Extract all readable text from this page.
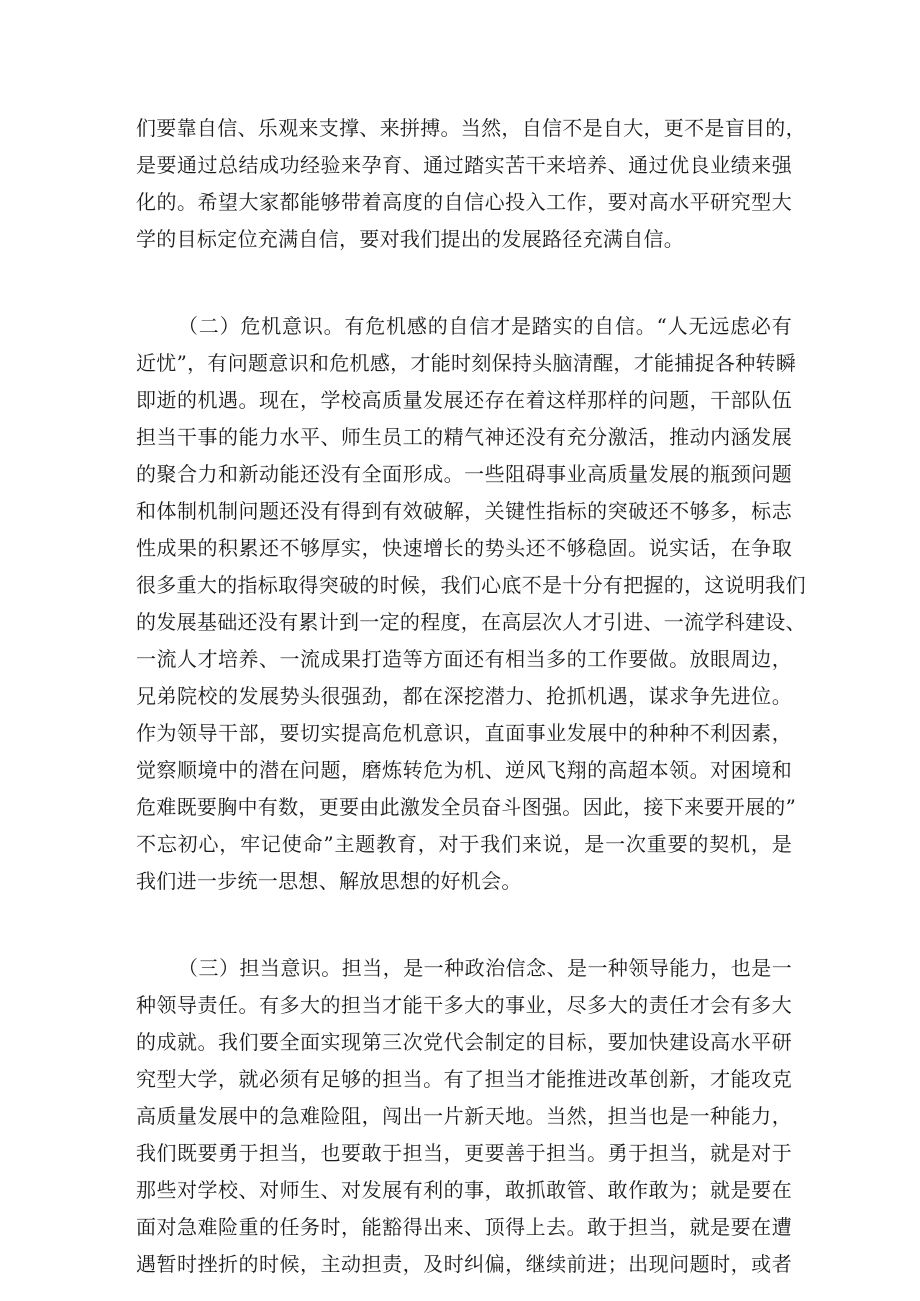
们要靠自信、乐观来支撑、来拼搏。当然，自信不是自大，更不是盲目的，
是要通过总结成功经验来孕育、通过踏实苦干来培养、通过优良业绩来强
化的。希望大家都能够带着高度的自信心投入工作，要对高水平研究型大
学的目标定位充满自信，要对我们提出的发展路径充满自信。
（二）危机意识。有危机感的自信才是踏实的自信。“人无远虑必有
近忧”，有问题意识和危机感，才能时刻保持头脑清醒，才能捕捉各种转瞬
即逝的机遇。现在，学校高质量发展还存在着这样那样的问题，干部队伍
担当干事的能力水平、师生员工的精气神还没有充分激活，推动内涵发展
的聚合力和新动能还没有全面形成。一些阻碍事业高质量发展的瓶颈问题
和体制机制问题还没有得到有效破解，关键性指标的突破还不够多，标志
性成果的积累还不够厚实，快速增长的势头还不够稳固。说实话，在争取
很多重大的指标取得突破的时候，我们心底不是十分有把握的，这说明我们
的发展基础还没有累计到一定的程度，在高层次人才引进、一流学科建设、
一流人才培养、一流成果打造等方面还有相当多的工作要做。放眼周边，
兄弟院校的发展势头很强劲，都在深挖潜力、抢抓机遇，谋求争先进位。
作为领导干部，要切实提高危机意识，直面事业发展中的种种不利因素，
觉察顺境中的潜在问题，磨炼转危为机、逆风飞翔的高超本领。对困境和
危难既要胸中有数，更要由此激发全员奋斗图强。因此，接下来要开展的”
不忘初心，牢记使命”主题教育，对于我们来说，是一次重要的契机，是
我们进一步统一思想、解放思想的好机会。
（三）担当意识。担当，是一种政治信念、是一种领导能力，也是一
种领导责任。有多大的担当才能干多大的事业，尽多大的责任才会有多大
的成就。我们要全面实现第三次党代会制定的目标，要加快建设高水平研
究型大学，就必须有足够的担当。有了担当才能推进改革创新，才能攻克
高质量发展中的急难险阻，闯出一片新天地。当然，担当也是一种能力，
我们既要勇于担当，也要敢于担当，更要善于担当。勇于担当，就是对于
那些对学校、对师生、对发展有利的事，敢抓敢管、敢作敢为；就是要在
面对急难险重的任务时，能豁得出来、顶得上去。敢于担当，就是要在遭
遇暂时挫折的时候，主动担责，及时纠偏，继续前进；出现问题时，或者
